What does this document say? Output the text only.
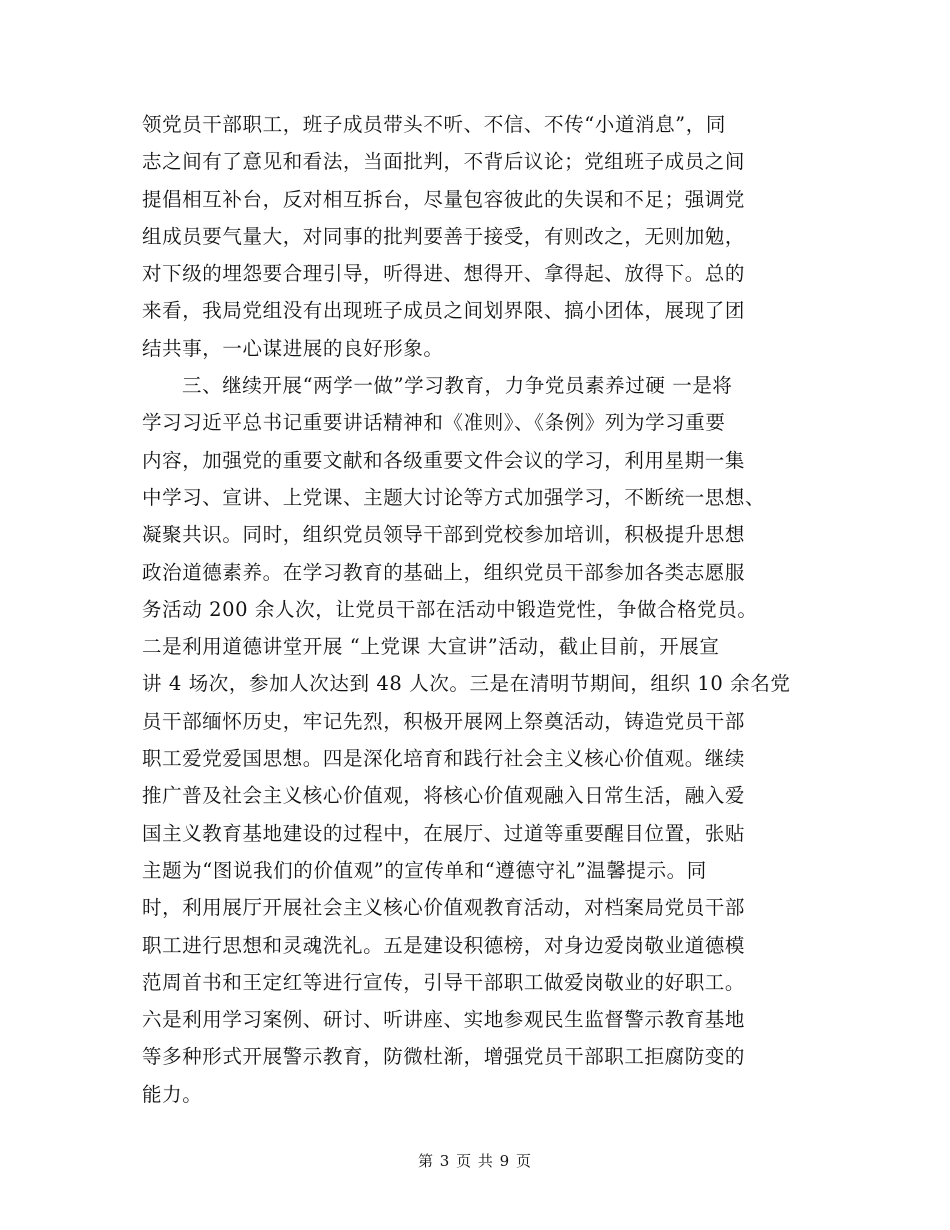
领党员干部职工，班子成员带头不听、不信、不传“小道消息”，同
志之间有了意见和看法，当面批判，不背后议论；党组班子成员之间
提倡相互补台，反对相互拆台，尽量包容彼此的失误和不足；强调党
组成员要气量大，对同事的批判要善于接受，有则改之，无则加勉，
对下级的埋怨要合理引导，听得进、想得开、拿得起、放得下。总的
来看，我局党组没有出现班子成员之间划界限、搞小团体，展现了团
结共事，一心谋进展的良好形象。
三、继续开展“两学一做”学习教育，力争党员素养过硬 一是将
学习习近平总书记重要讲话精神和《准则》、《条例》列为学习重要
内容，加强党的重要文献和各级重要文件会议的学习，利用星期一集
中学习、宣讲、上党课、主题大讨论等方式加强学习，不断统一思想、
凝聚共识。同时，组织党员领导干部到党校参加培训，积极提升思想
政治道德素养。在学习教育的基础上，组织党员干部参加各类志愿服
务活动 200 余人次，让党员干部在活动中锻造党性，争做合格党员。
二是利用道德讲堂开展 “上党课 大宣讲”活动，截止目前，开展宣
讲 4 场次，参加人次达到 48 人次。三是在清明节期间，组织 10 余名党
员干部缅怀历史，牢记先烈，积极开展网上祭奠活动，铸造党员干部
职工爱党爱国思想。四是深化培育和践行社会主义核心价值观。继续
推广普及社会主义核心价值观，将核心价值观融入日常生活，融入爱
国主义教育基地建设的过程中，在展厅、过道等重要醒目位置，张贴
主题为“图说我们的价值观”的宣传单和“遵德守礼”温馨提示。同
时，利用展厅开展社会主义核心价值观教育活动，对档案局党员干部
职工进行思想和灵魂洗礼。五是建设积德榜，对身边爱岗敬业道德模
范周首书和王定红等进行宣传，引导干部职工做爱岗敬业的好职工。
六是利用学习案例、研讨、听讲座、实地参观民生监督警示教育基地
等多种形式开展警示教育，防微杜渐，增强党员干部职工拒腐防变的
能力。
第 3 页 共 9 页
